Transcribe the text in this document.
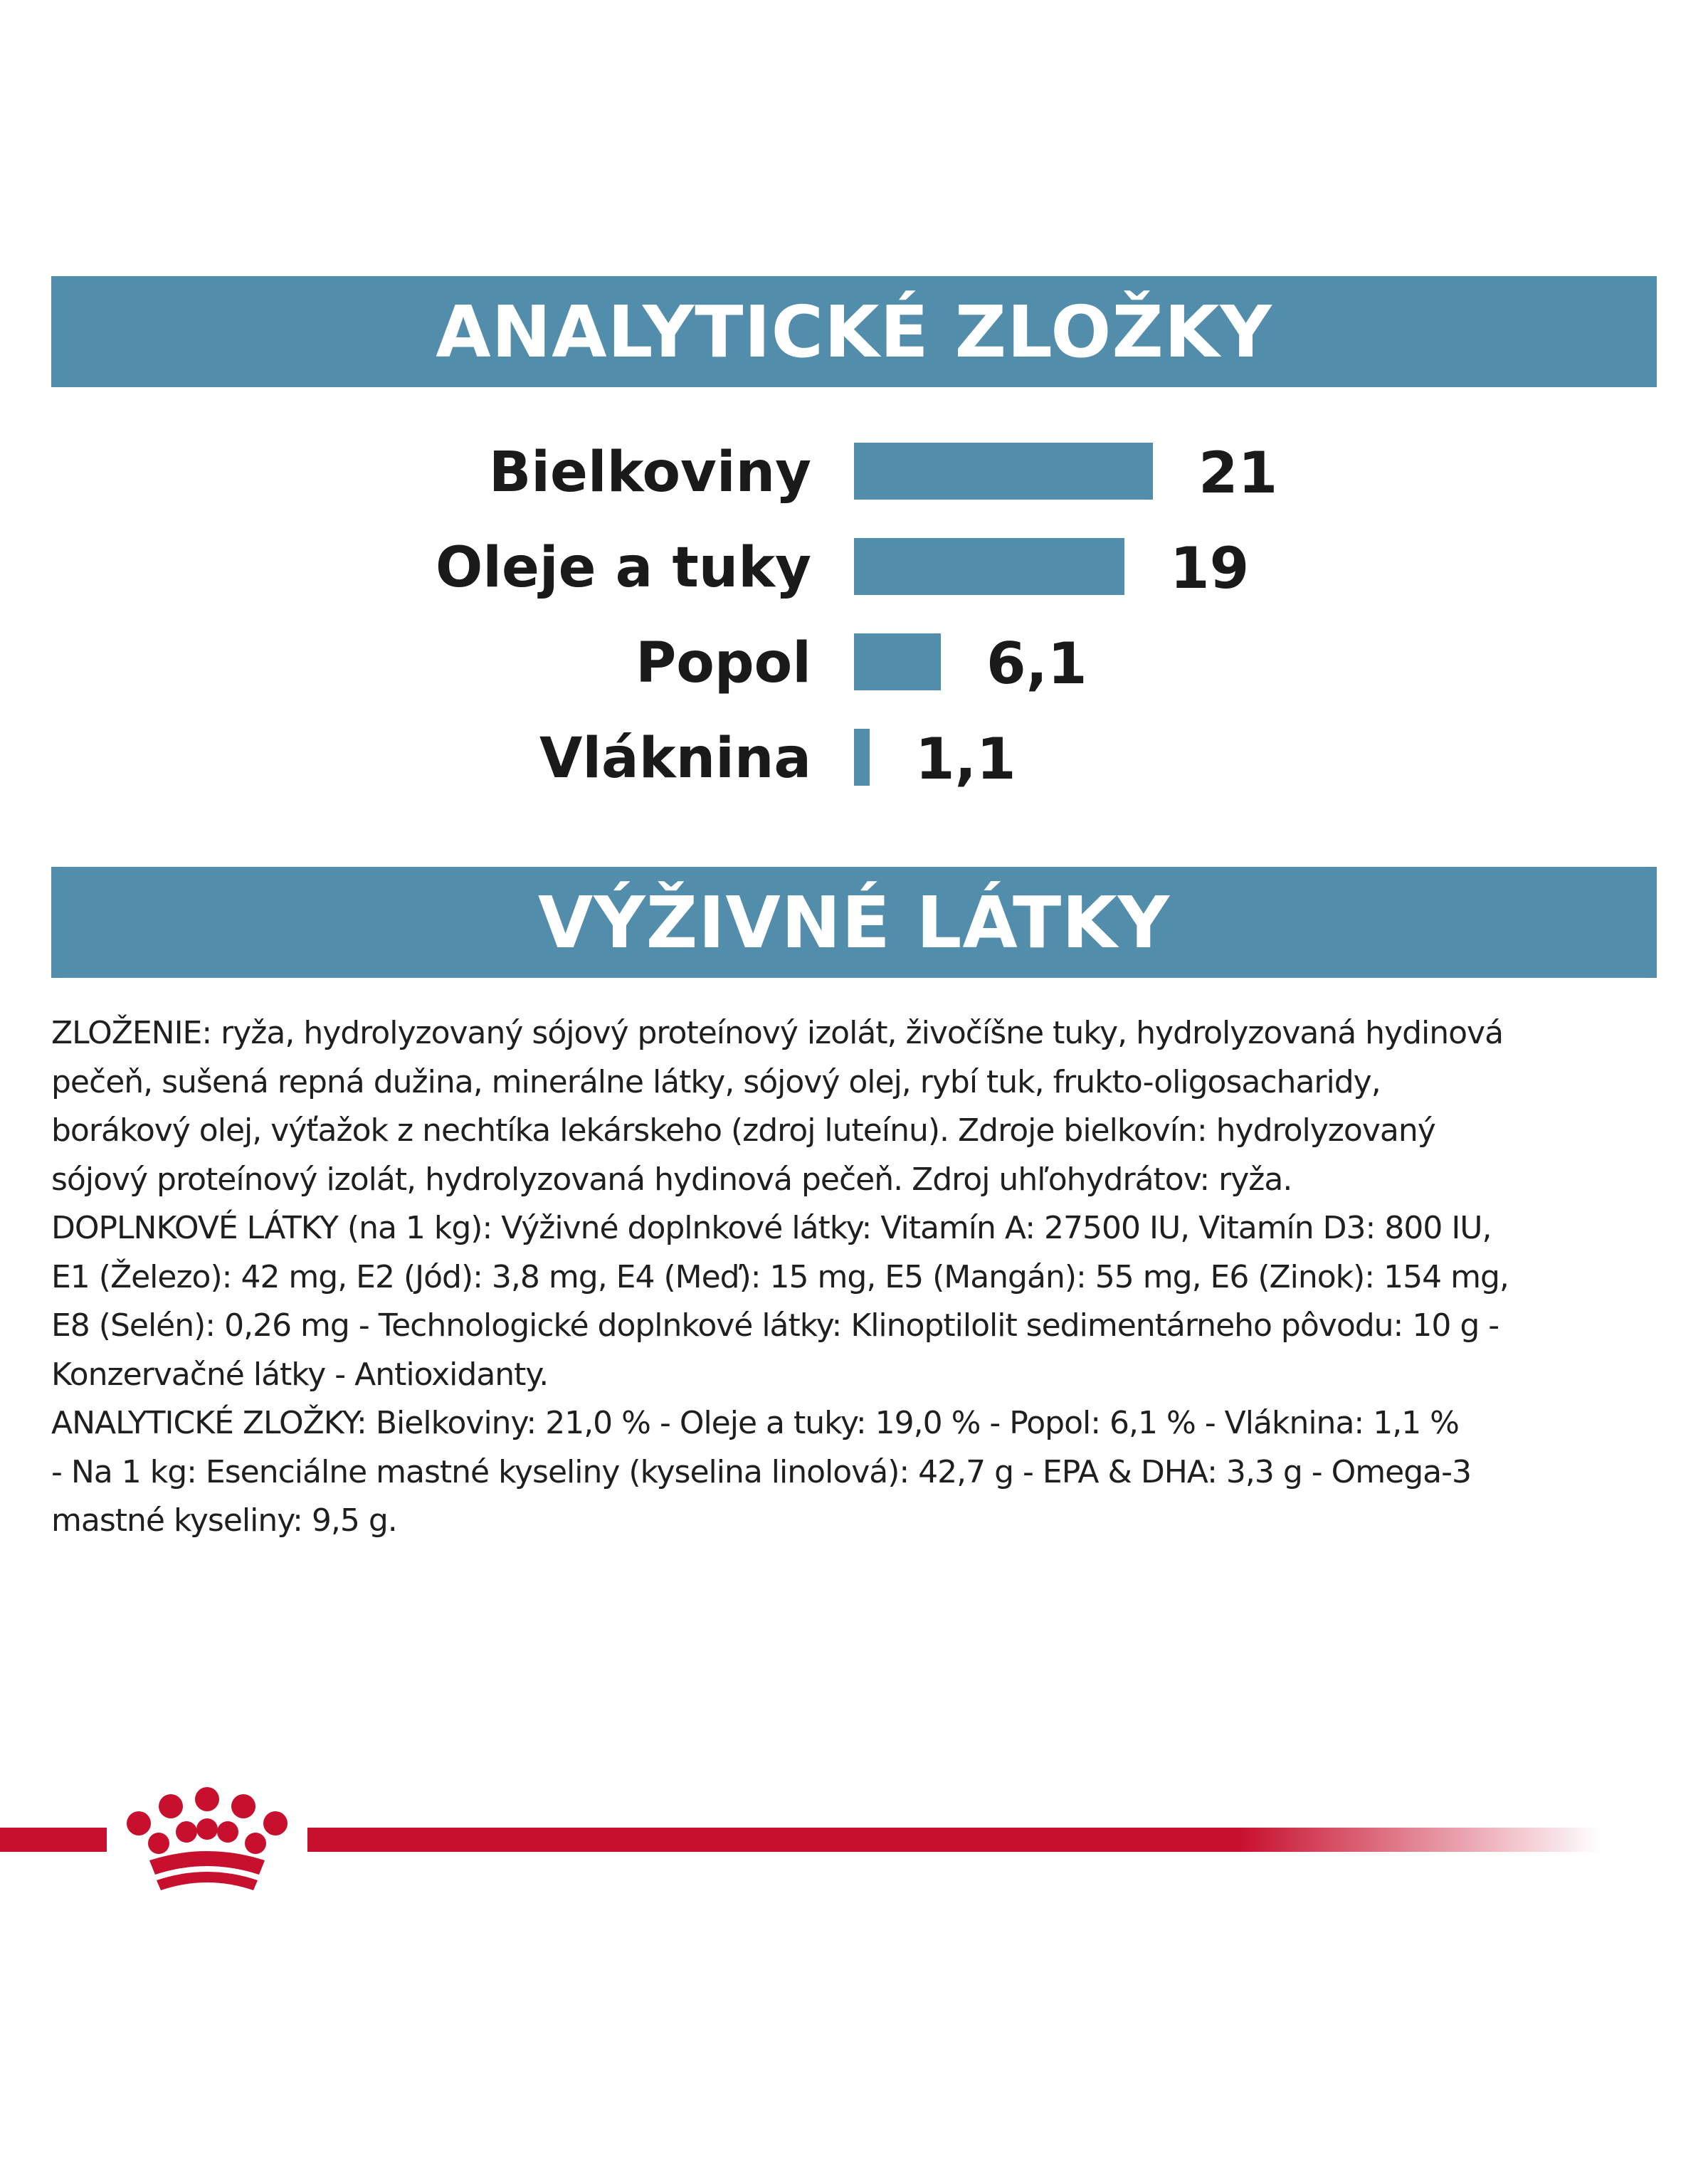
ANALYTICKÉ ZLOŽKY
Bielkoviny	21
Oleje a tuky	19
Popol	6,1
Vláknina 1,1
VÝŽIVNÉ LÁTKY
ZLOŽENIE: ryža, hydrolyzovaný sójový proteínový izolát, živočíšne tuky, hydrolyzovaná hydinová
pečeň, sušená repná dužina, minerálne látky, sójový olej, rybí tuk, frukto-oligosacharidy,
borákový olej, výťažok z nechtíka lekárskeho (zdroj luteínu). Zdroje bielkovín: hydrolyzovaný
sójový proteínový izolát, hydrolyzovaná hydinová pečeň. Zdroj uhľohydrátov: ryža.
DOPLNKOVÉ LÁTKY (na 1 kg): Výživné doplnkové látky: Vitamín A: 27500 IU, Vitamín D3: 800 IU,
E1 (Železo): 42 mg, E2 (Jód): 3,8 mg, E4 (Meď): 15 mg, E5 (Mangán): 55 mg, E6 (Zinok): 154 mg,
E8 (Selén): 0,26 mg - Technologické doplnkové látky: Klinoptilolit sedimentárneho pôvodu: 10 g -
Konzervačné látky - Antioxidanty.
ANALYTICKÉ ZLOŽKY: Bielkoviny: 21,0 % - Oleje a tuky: 19,0 % - Popol: 6,1 % - Vláknina: 1,1 %
- Na 1 kg: Esenciálne mastné kyseliny (kyselina linolová): 42,7 g - EPA & DHA: 3,3 g - Omega-3
mastné kyseliny: 9,5 g.
